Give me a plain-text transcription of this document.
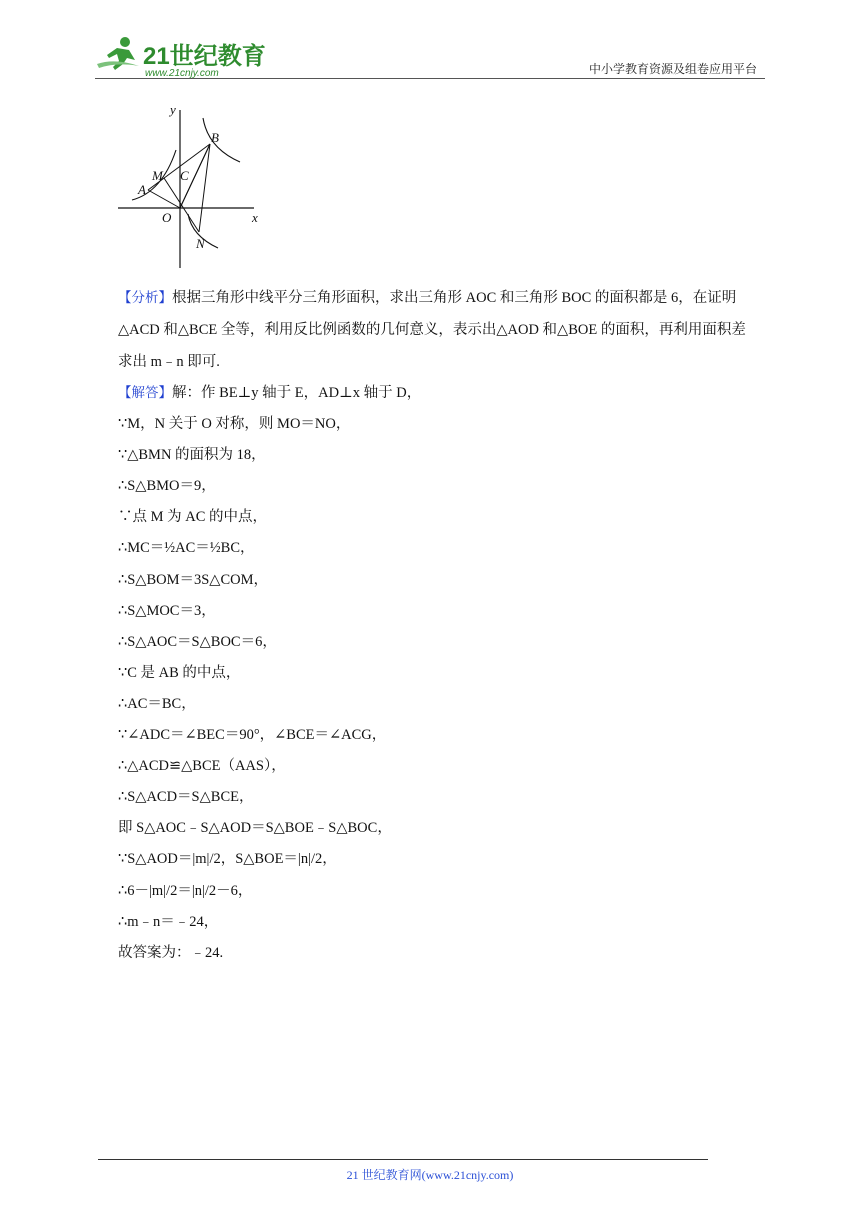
21世纪教育
www.21cnjy.com	中小学教育资源及组卷应用平台
y
x
B
M C
A
O
N

【分析】根据三角形中线平分三角形面积，求出三角形 AOC 和三角形 BOC 的面积都是 6，在证明△ACD 和△BCE 全等，利用反比例函数的几何意义，表示出△AOD 和△BOE 的面积，再利用面积差求出 m﹣n 即可.

【解答】解：作 BE⊥y 轴于 E，AD⊥x 轴于 D，
∵M，N 关于 O 对称，则 MO＝NO，
∵△BMN 的面积为 18，
∴S△BMO＝9，
∵点 M 为 AC 的中点，
∴MC＝½AC＝½BC，
∴S△BOM＝3S△COM，
∴S△MOC＝3，
∴S△AOC＝S△BOC＝6，
∵C 是 AB 的中点，
∴AC＝BC，
∵∠ADC＝∠BEC＝90°，∠BCE＝∠ACG，
∴△ACD≌△BCE（AAS），
∴S△ACD＝S△BCE，
即 S△AOC﹣S△AOD＝S△BOE﹣S△BOC，
∵S△AOD＝|m|/2，S△BOE＝|n|/2，
∴6－|m|/2＝|n|/2－6，
∴m﹣n＝﹣24，
故答案为：﹣24.
21 世纪教育网(www.21cnjy.com)
